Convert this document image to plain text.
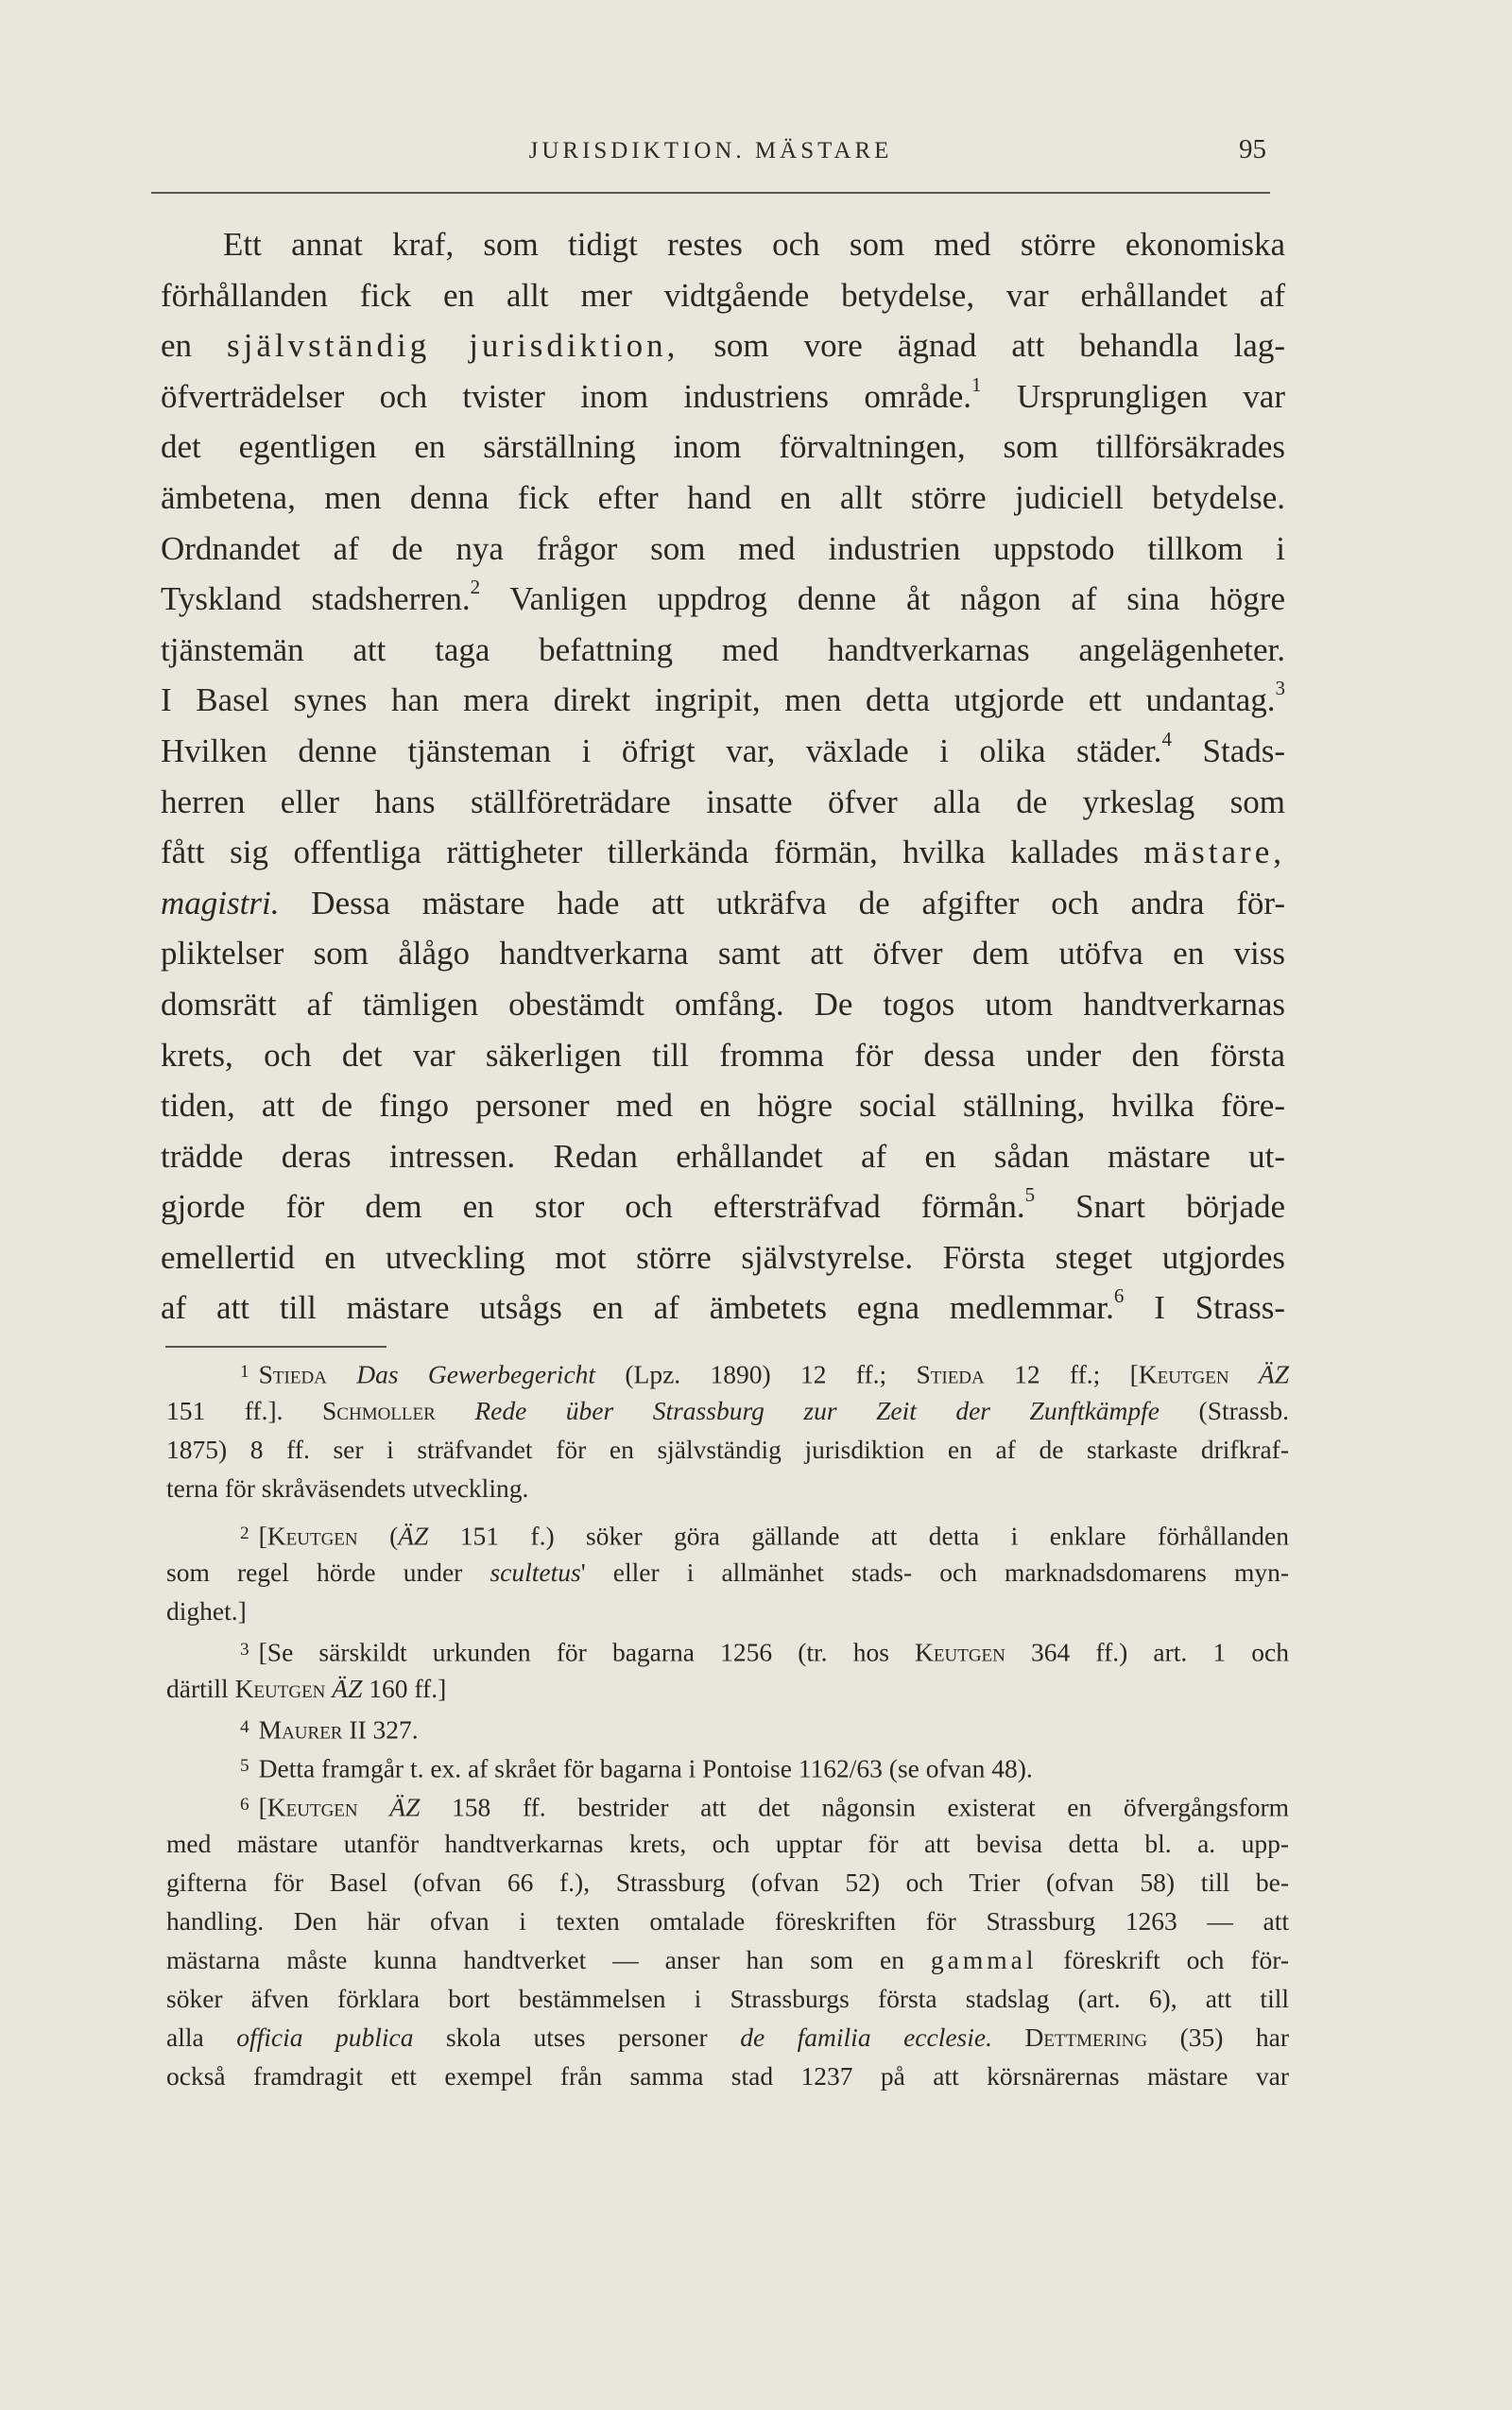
JURISDIKTION. MÄSTARE	95
Ett annat kraf, som tidigt restes och som med större ekonomiska
förhållanden fick en allt mer vidtgående betydelse, var erhållandet af
en självständig jurisdiktion, som vore ägnad att behandla lag-
öfverträdelser och tvister inom industriens område.$^1$ Ursprungligen var
det egentligen en särställning inom förvaltningen, som tillförsäkrades
ämbetena, men denna fick efter hand en allt större judiciell betydelse.
Ordnandet af de nya frågor som med industrien uppstodo tillkom i
Tyskland stadsherren.$^2$ Vanligen uppdrog denne åt någon af sina högre
tjänstemän att taga befattning med handtverkarnas angelägenheter.
I Basel synes han mera direkt ingripit, men detta utgjorde ett undantag.$^3$
Hvilken denne tjänsteman i öfrigt var, växlade i olika städer.$^4$ Stads-
herren eller hans ställföreträdare insatte öfver alla de yrkeslag som
fått sig offentliga rättigheter tillerkända förmän, hvilka kallades mästare,
magistri. Dessa mästare hade att utkräfva de afgifter och andra för-
pliktelser som ålågo handtverkarna samt att öfver dem utöfva en viss
domsrätt af tämligen obestämdt omfång. De togos utom handtverkarnas
krets, och det var säkerligen till fromma för dessa under den första
tiden, att de fingo personer med en högre social ställning, hvilka före-
trädde deras intressen. Redan erhållandet af en sådan mästare ut-
gjorde för dem en stor och eftersträfvad förmån.$^5$ Snart började
emellertid en utveckling mot större självstyrelse. Första steget utgjordes
af att till mästare utsågs en af ämbetets egna medlemmar.$^6$ I Strass-
$^1$ Stieda Das Gewerbegericht (Lpz. 1890) 12 ff.; Stieda 12 ff.; [Keutgen ÄZ
151 ff.]. Schmoller Rede über Strassburg zur Zeit der Zunftkämpfe (Strassb.
1875) 8 ff. ser i sträfvandet för en självständig jurisdiktion en af de starkaste drifkraf-
terna för skråväsendets utveckling.
$^2$ [Keutgen (ÄZ 151 f.) söker göra gällande att detta i enklare förhållanden
som regel hörde under scultetus' eller i allmänhet stads- och marknadsdomarens myn-
dighet.]
$^3$ [Se särskildt urkunden för bagarna 1256 (tr. hos Keutgen 364 ff.) art. 1 och
därtill Keutgen ÄZ 160 ff.]
$^4$ Maurer II 327.
$^5$ Detta framgår t. ex. af skrået för bagarna i Pontoise 1162/63 (se ofvan 48).
$^6$ [Keutgen ÄZ 158 ff. bestrider att det någonsin existerat en öfvergångsform
med mästare utanför handtverkarnas krets, och upptar för att bevisa detta bl. a. upp-
gifterna för Basel (ofvan 66 f.), Strassburg (ofvan 52) och Trier (ofvan 58) till be-
handling. Den här ofvan i texten omtalade föreskriften för Strassburg 1263 — att
mästarna måste kunna handtverket — anser han som en gammal föreskrift och för-
söker äfven förklara bort bestämmelsen i Strassburgs första stadslag (art. 6), att till
alla officia publica skola utses personer de familia ecclesie. Dettmering (35) har
också framdragit ett exempel från samma stad 1237 på att körsnärernas mästare var
